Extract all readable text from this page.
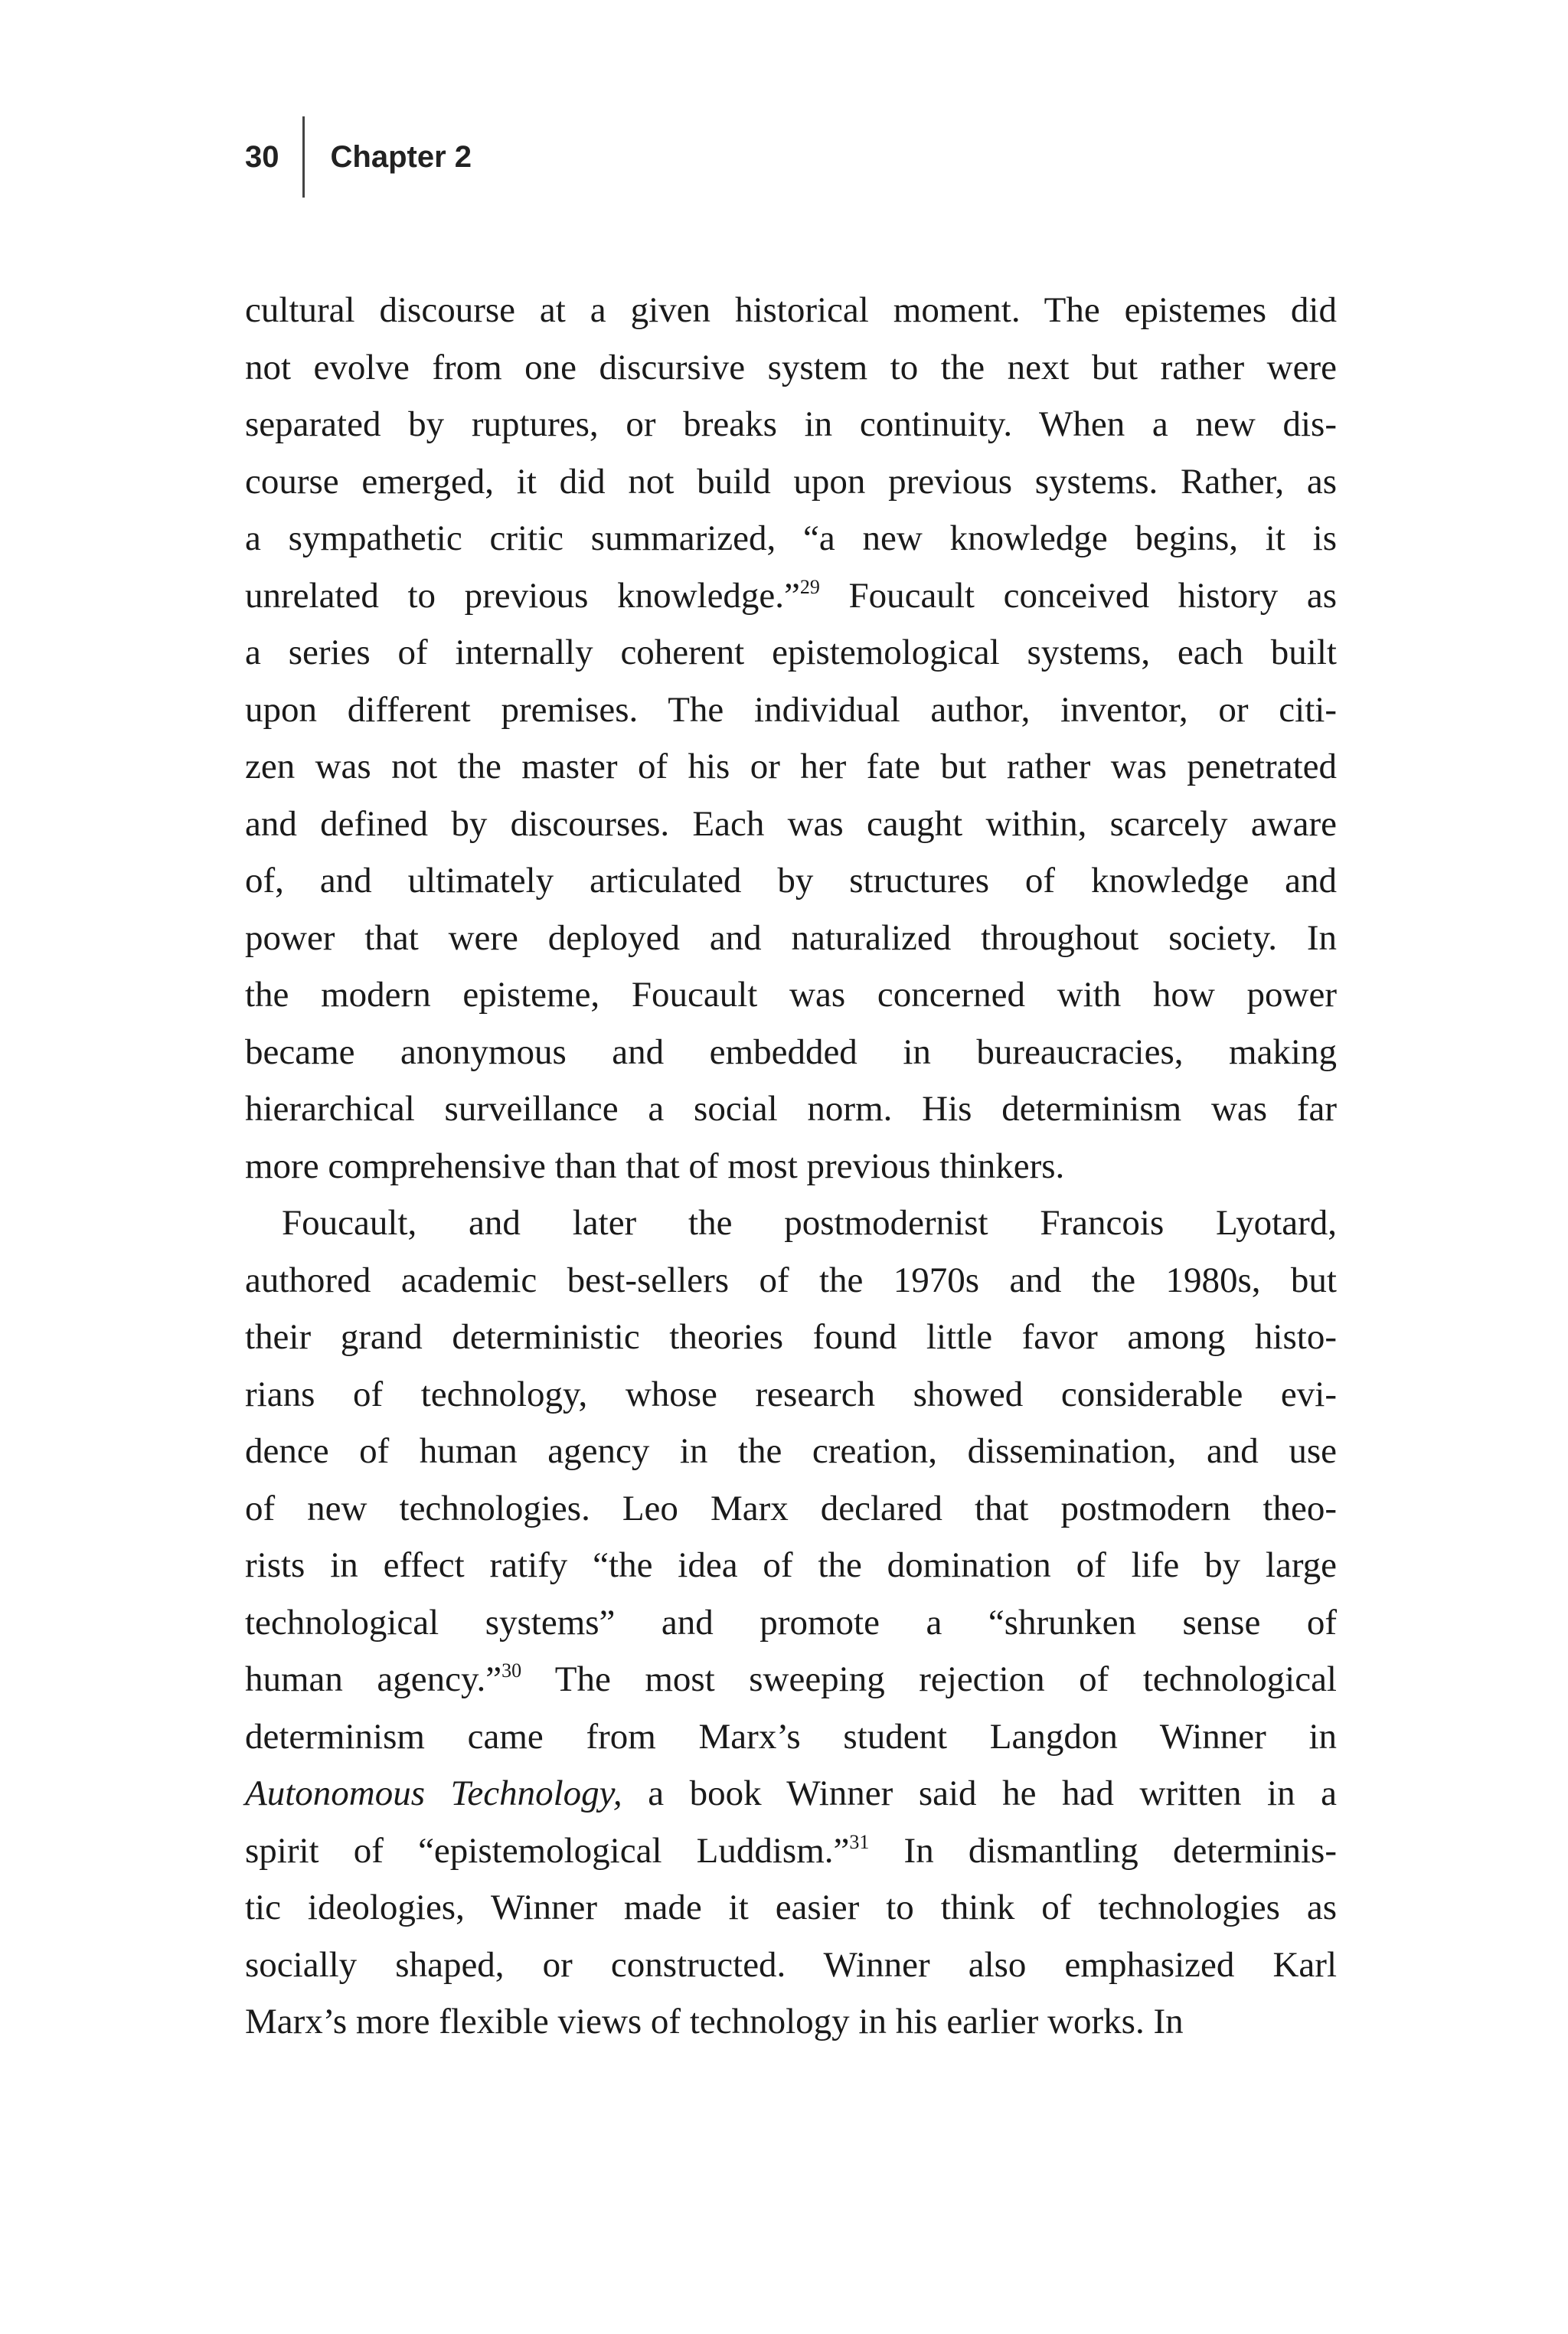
30	Chapter 2
cultural discourse at a given historical moment. The epistemes did
not evolve from one discursive system to the next but rather were
separated by ruptures, or breaks in continuity. When a new dis-
course emerged, it did not build upon previous systems. Rather, as
a sympathetic critic summarized, “a new knowledge begins, it is
unrelated to previous knowledge.”$^{29}$ Foucault conceived history as
a series of internally coherent epistemological systems, each built
upon different premises. The individual author, inventor, or citi-
zen was not the master of his or her fate but rather was penetrated
and defined by discourses. Each was caught within, scarcely aware
of, and ultimately articulated by structures of knowledge and
power that were deployed and naturalized throughout society. In
the modern episteme, Foucault was concerned with how power
became anonymous and embedded in bureaucracies, making
hierarchical surveillance a social norm. His determinism was far
more comprehensive than that of most previous thinkers.
Foucault, and later the postmodernist Francois Lyotard,
authored academic best-sellers of the 1970s and the 1980s, but
their grand deterministic theories found little favor among histo-
rians of technology, whose research showed considerable evi-
dence of human agency in the creation, dissemination, and use
of new technologies. Leo Marx declared that postmodern theo-
rists in effect ratify “the idea of the domination of life by large
technological systems” and promote a “shrunken sense of
human agency.”$^{30}$ The most sweeping rejection of technological
determinism came from Marx’s student Langdon Winner in
Autonomous Technology, a book Winner said he had written in a
spirit of “epistemological Luddism.”$^{31}$ In dismantling determinis-
tic ideologies, Winner made it easier to think of technologies as
socially shaped, or constructed. Winner also emphasized Karl
Marx’s more flexible views of technology in his earlier works. In
